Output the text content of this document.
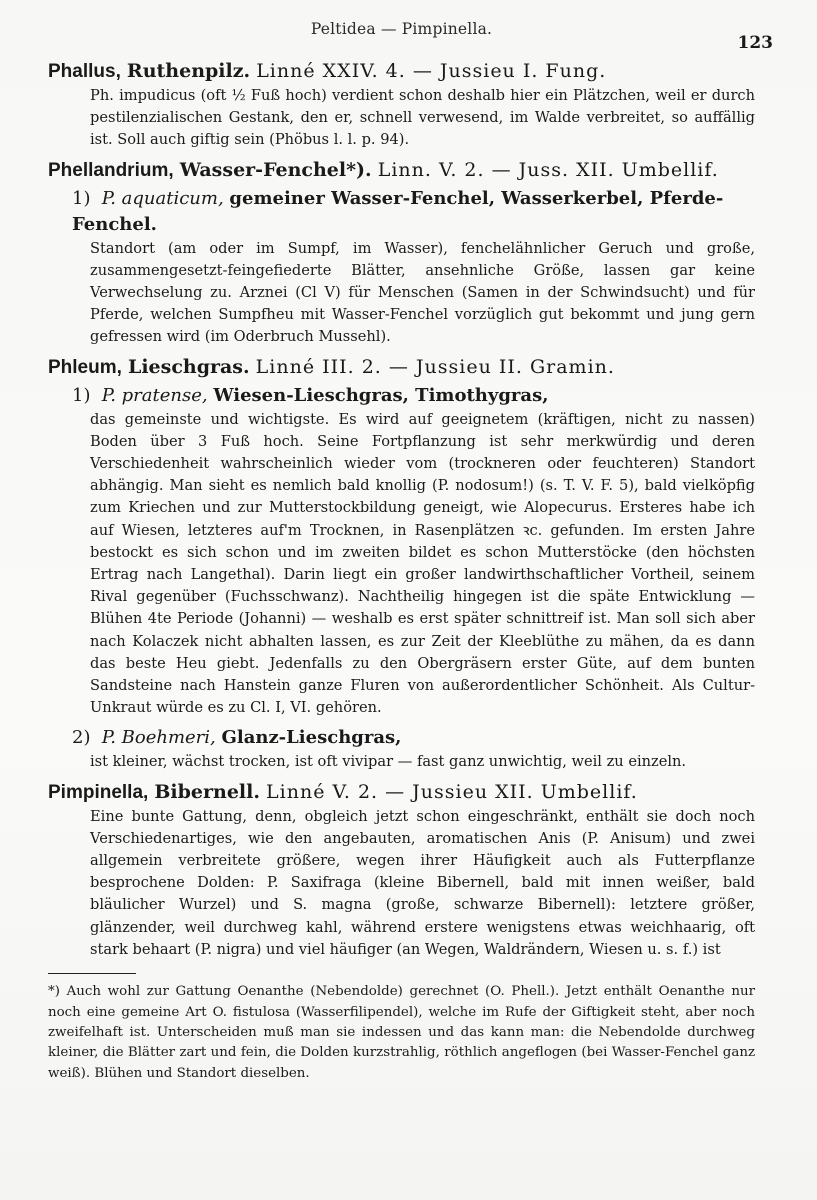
Peltidea — Pimpinella.
123
Phallus, Ruthenpilz. Linné XXIV. 4. — Jussieu I. Fung.

Ph. impudicus (oft ½ Fuß hoch) verdient schon deshalb hier ein Plätzchen, weil er durch pestilenzialischen Gestank, den er, schnell verwesend, im Walde verbreitet, so auffällig ist. Soll auch giftig sein (Phöbus l. l. p. 94).

Phellandrium, Wasser-Fenchel*). Linn. V. 2. — Juss. XII. Umbellif.
1) P. aquaticum, gemeiner Wasser-Fenchel, Wasserkerbel, Pferde-Fenchel.

Standort (am oder im Sumpf, im Wasser), fenchelähnlicher Geruch und große, zusammengesetzt-feingefiederte Blätter, ansehnliche Größe, lassen gar keine Verwechselung zu. Arznei (Cl V) für Menschen (Samen in der Schwindsucht) und für Pferde, welchen Sumpfheu mit Wasser-Fenchel vorzüglich gut bekommt und jung gern gefressen wird (im Oderbruch Mussehl).

Phleum, Lieschgras. Linné III. 2. — Jussieu II. Gramin.
1) P. pratense, Wiesen-Lieschgras, Timothygras,

das gemeinste und wichtigste. Es wird auf geeignetem (kräftigen, nicht zu nassen) Boden über 3 Fuß hoch. Seine Fortpflanzung ist sehr merkwürdig und deren Verschiedenheit wahrscheinlich wieder vom (trockneren oder feuchteren) Standort abhängig. Man sieht es nemlich bald knollig (P. nodosum!) (s. T. V. F. 5), bald vielköpfig zum Kriechen und zur Mutterstockbildung geneigt, wie Alopecurus. Ersteres habe ich auf Wiesen, letzteres auf'm Trocknen, in Rasenplätzen ꝛc. gefunden. Im ersten Jahre bestockt es sich schon und im zweiten bildet es schon Mutterstöcke (den höchsten Ertrag nach Langethal). Darin liegt ein großer landwirthschaftlicher Vortheil, seinem Rival gegenüber (Fuchsschwanz). Nachtheilig hingegen ist die späte Entwicklung — Blühen 4te Periode (Johanni) — weshalb es erst später schnittreif ist. Man soll sich aber nach Kolaczek nicht abhalten lassen, es zur Zeit der Kleeblüthe zu mähen, da es dann das beste Heu giebt. Jedenfalls zu den Obergräsern erster Güte, auf dem bunten Sandsteine nach Hanstein ganze Fluren von außerordentlicher Schönheit. Als Cultur-Unkraut würde es zu Cl. I, VI. gehören.

2) P. Boehmeri, Glanz-Lieschgras,

ist kleiner, wächst trocken, ist oft vivipar — fast ganz unwichtig, weil zu einzeln.

Pimpinella, Bibernell. Linné V. 2. — Jussieu XII. Umbellif.

Eine bunte Gattung, denn, obgleich jetzt schon eingeschränkt, enthält sie doch noch Verschiedenartiges, wie den angebauten, aromatischen Anis (P. Anisum) und zwei allgemein verbreitete größere, wegen ihrer Häufigkeit auch als Futterpflanze besprochene Dolden: P. Saxifraga (kleine Bibernell, bald mit innen weißer, bald bläulicher Wurzel) und S. magna (große, schwarze Bibernell): letztere größer, glänzender, weil durchweg kahl, während erstere wenigstens etwas weichhaarig, oft stark behaart (P. nigra) und viel häufiger (an Wegen, Waldrändern, Wiesen u. s. f.) ist

*) Auch wohl zur Gattung Oenanthe (Nebendolde) gerechnet (O. Phell.). Jetzt enthält Oenanthe nur noch eine gemeine Art O. fistulosa (Wasserfilipendel), welche im Rufe der Giftigkeit steht, aber noch zweifelhaft ist. Unterscheiden muß man sie indessen und das kann man: die Nebendolde durchweg kleiner, die Blätter zart und fein, die Dolden kurzstrahlig, röthlich angeflogen (bei Wasser-Fenchel ganz weiß). Blühen und Standort dieselben.
